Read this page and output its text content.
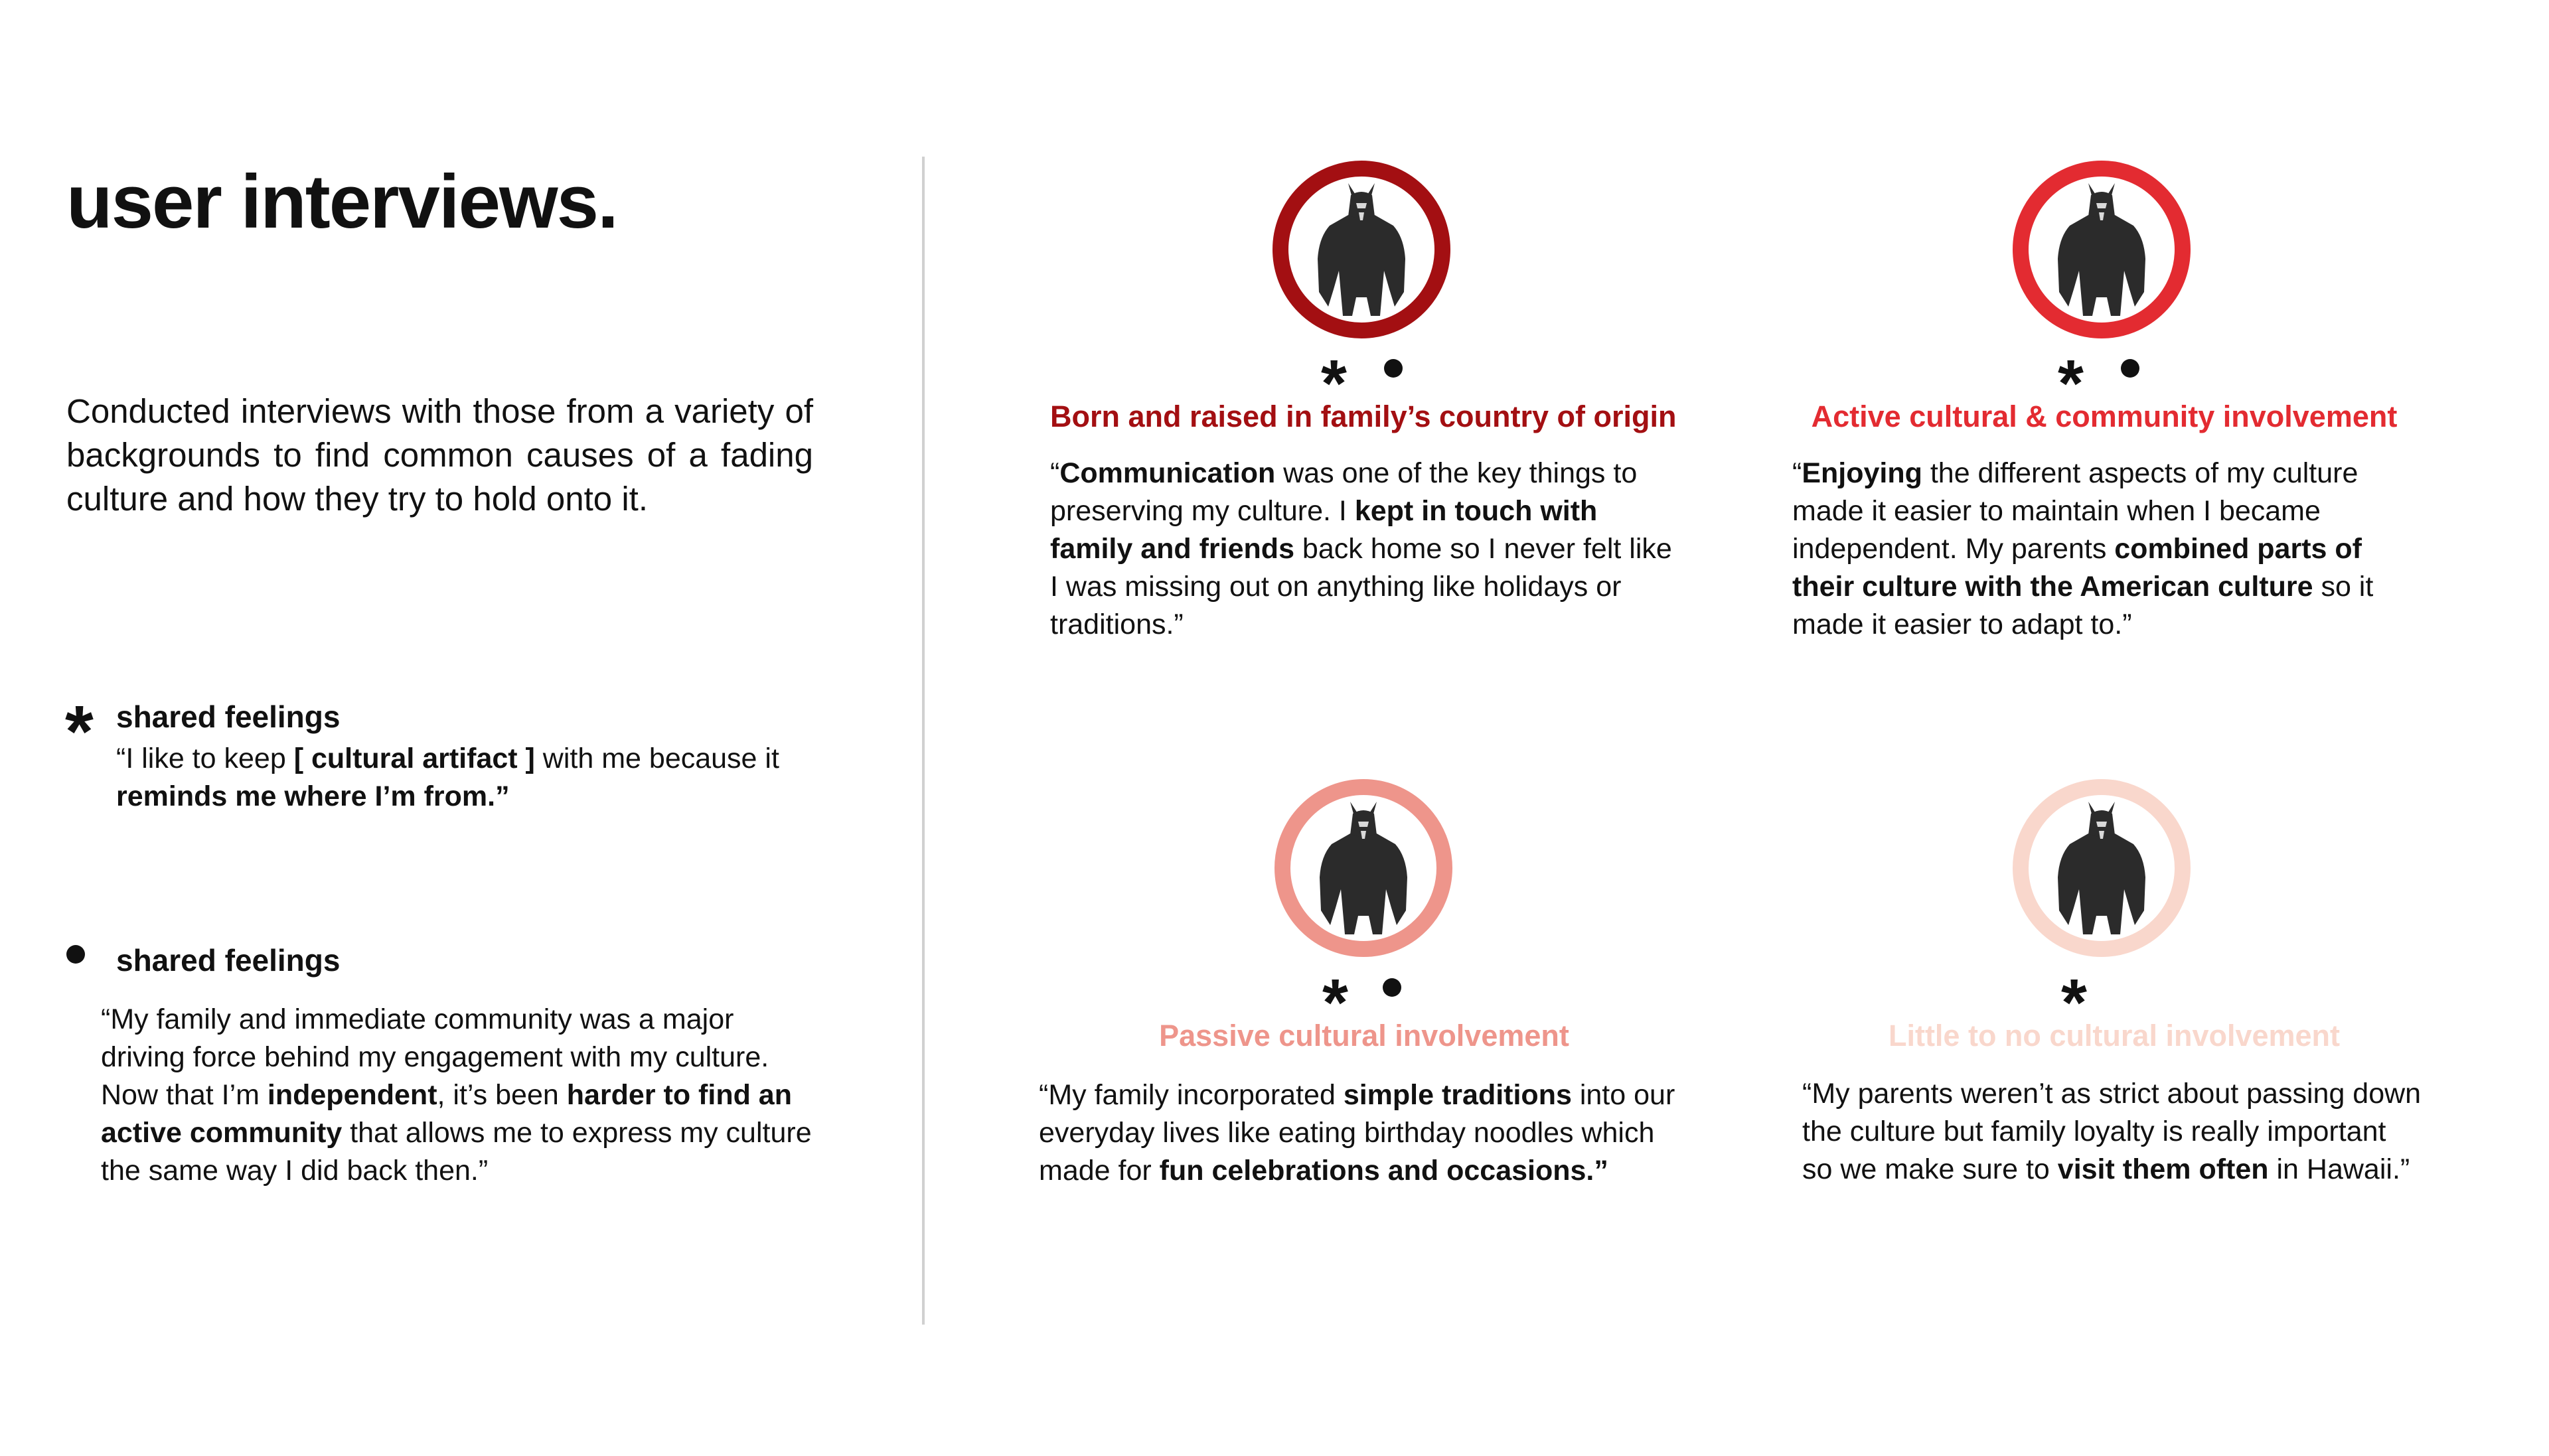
user interviews.
Conducted interviews with those from a variety of backgrounds to find common causes of a fading culture and how they try to hold onto it.
* shared feelings
“I like to keep [ cultural artifact ] with me because it reminds me where I’m from.”
shared feelings
“My family and immediate community was a major driving force behind my engagement with my culture. Now that I’m independent, it’s been harder to find an active community that allows me to express my culture the same way I did back then.”
*
Born and raised in family’s country of origin
“Communication was one of the key things to preserving my culture. I kept in touch with family and friends back home so I never felt like I was missing out on anything like holidays or traditions.”
*
Active cultural & community involvement
“Enjoying the different aspects of my culture made it easier to maintain when I became independent. My parents combined parts of their culture with the American culture so it made it easier to adapt to.”
*
Passive cultural involvement
“My family incorporated simple traditions into our everyday lives like eating birthday noodles which made for fun celebrations and occasions.”
*
Little to no cultural involvement
“My parents weren’t as strict about passing down the culture but family loyalty is really important so we make sure to visit them often in Hawaii.”
